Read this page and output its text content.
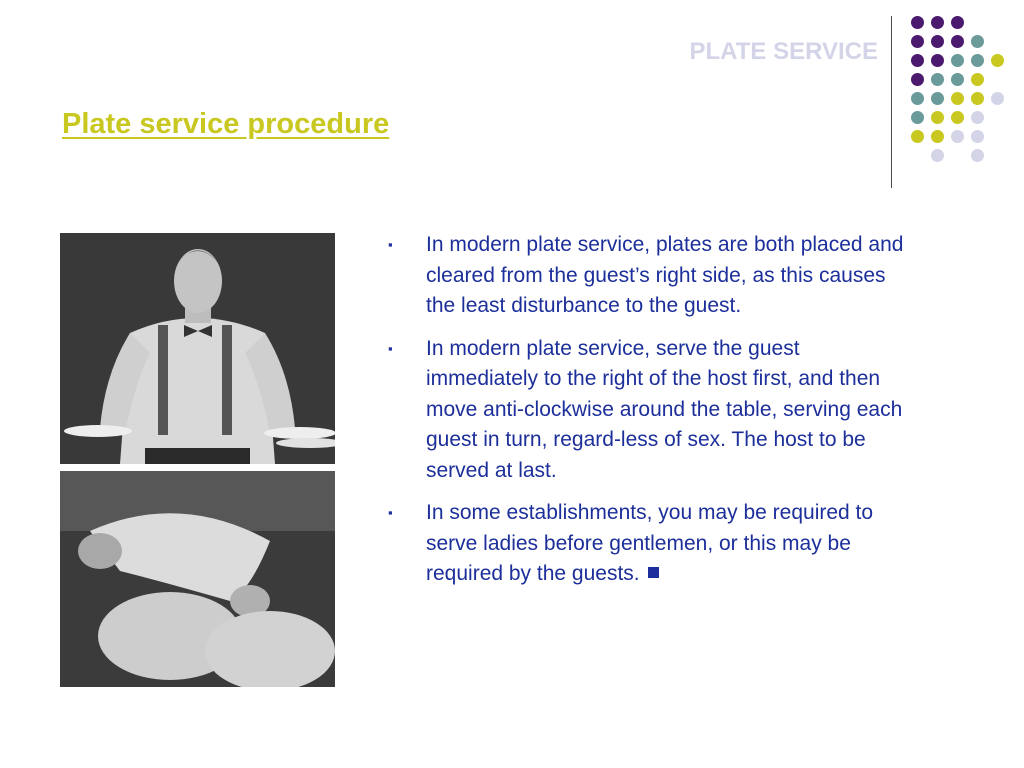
PLATE SERVICE
Plate service procedure
▪ In modern plate service, plates are both placed and cleared from the guest’s right side, as this causes the least disturbance to the guest.
▪ In modern plate service, serve the guest immediately to the right of the host first, and then move anti-clockwise around the table, serving each guest in turn, regard-less of sex. The host to be served at last.
▪ In some establishments, you may be required to serve ladies before gentlemen, or this may be required by the guests.
